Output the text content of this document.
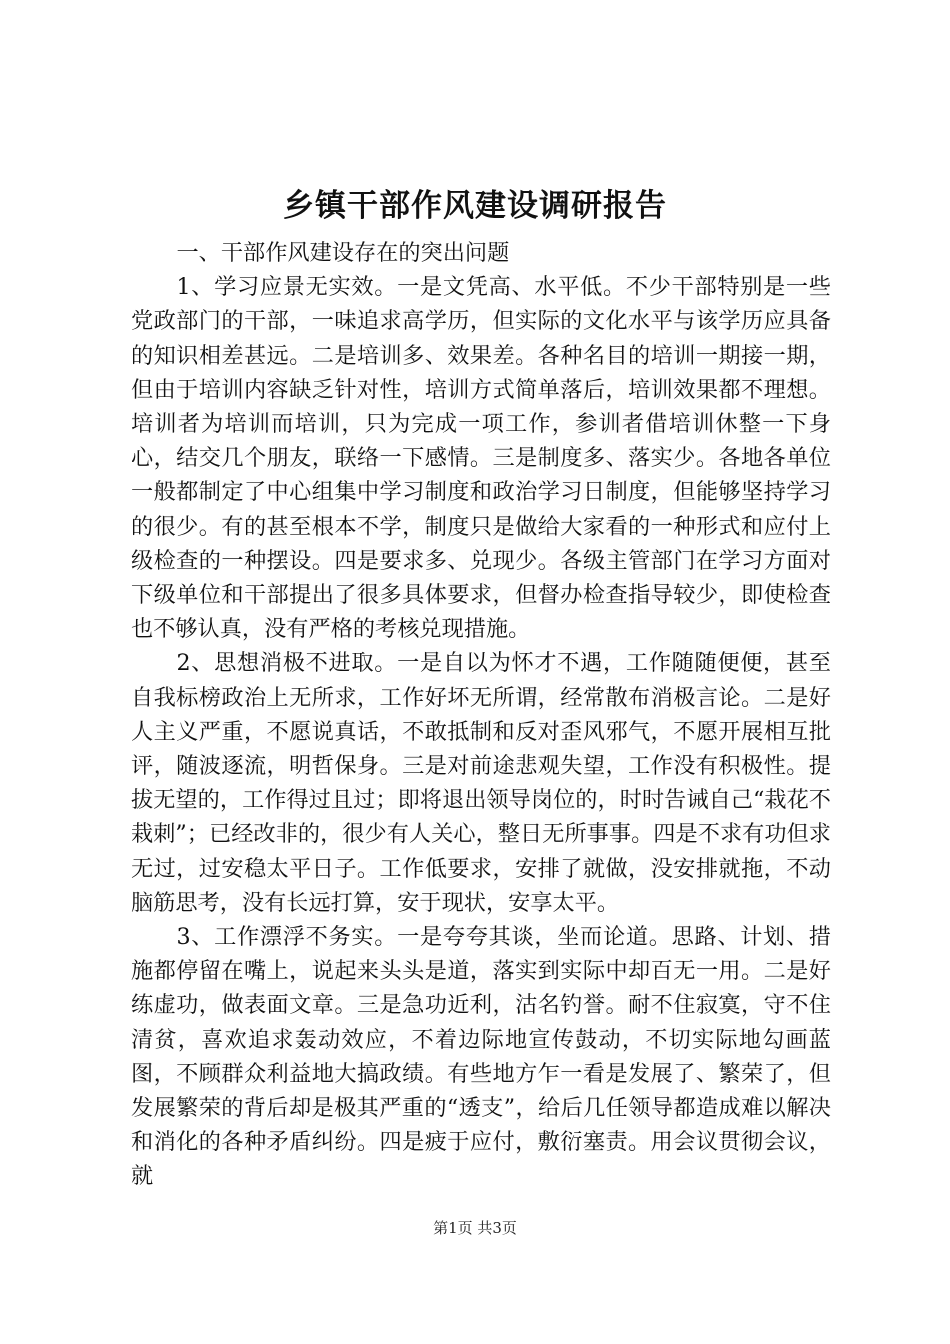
乡镇干部作风建设调研报告

一、干部作风建设存在的突出问题

1、学习应景无实效。一是文凭高、水平低。不少干部特别是一些党政部门的干部，一味追求高学历，但实际的文化水平与该学历应具备的知识相差甚远。二是培训多、效果差。各种名目的培训一期接一期，但由于培训内容缺乏针对性，培训方式简单落后，培训效果都不理想。培训者为培训而培训，只为完成一项工作，参训者借培训休整一下身心，结交几个朋友，联络一下感情。三是制度多、落实少。各地各单位一般都制定了中心组集中学习制度和政治学习日制度，但能够坚持学习的很少。有的甚至根本不学，制度只是做给大家看的一种形式和应付上级检查的一种摆设。四是要求多、兑现少。各级主管部门在学习方面对下级单位和干部提出了很多具体要求，但督办检查指导较少，即使检查也不够认真，没有严格的考核兑现措施。

2、思想消极不进取。一是自以为怀才不遇，工作随随便便，甚至自我标榜政治上无所求，工作好坏无所谓，经常散布消极言论。二是好人主义严重，不愿说真话，不敢抵制和反对歪风邪气，不愿开展相互批评，随波逐流，明哲保身。三是对前途悲观失望，工作没有积极性。提拔无望的，工作得过且过；即将退出领导岗位的，时时告诫自己“栽花不栽刺”；已经改非的，很少有人关心，整日无所事事。四是不求有功但求无过，过安稳太平日子。工作低要求，安排了就做，没安排就拖，不动脑筋思考，没有长远打算，安于现状，安享太平。

3、工作漂浮不务实。一是夸夸其谈，坐而论道。思路、计划、措施都停留在嘴上，说起来头头是道，落实到实际中却百无一用。二是好练虚功，做表面文章。三是急功近利，沽名钓誉。耐不住寂寞，守不住清贫，喜欢追求轰动效应，不着边际地宣传鼓动，不切实际地勾画蓝图，不顾群众利益地大搞政绩。有些地方乍一看是发展了、繁荣了，但发展繁荣的背后却是极其严重的“透支”，给后几任领导都造成难以解决和消化的各种矛盾纠纷。四是疲于应付，敷衍塞责。用会议贯彻会议，就

第1页 共3页
